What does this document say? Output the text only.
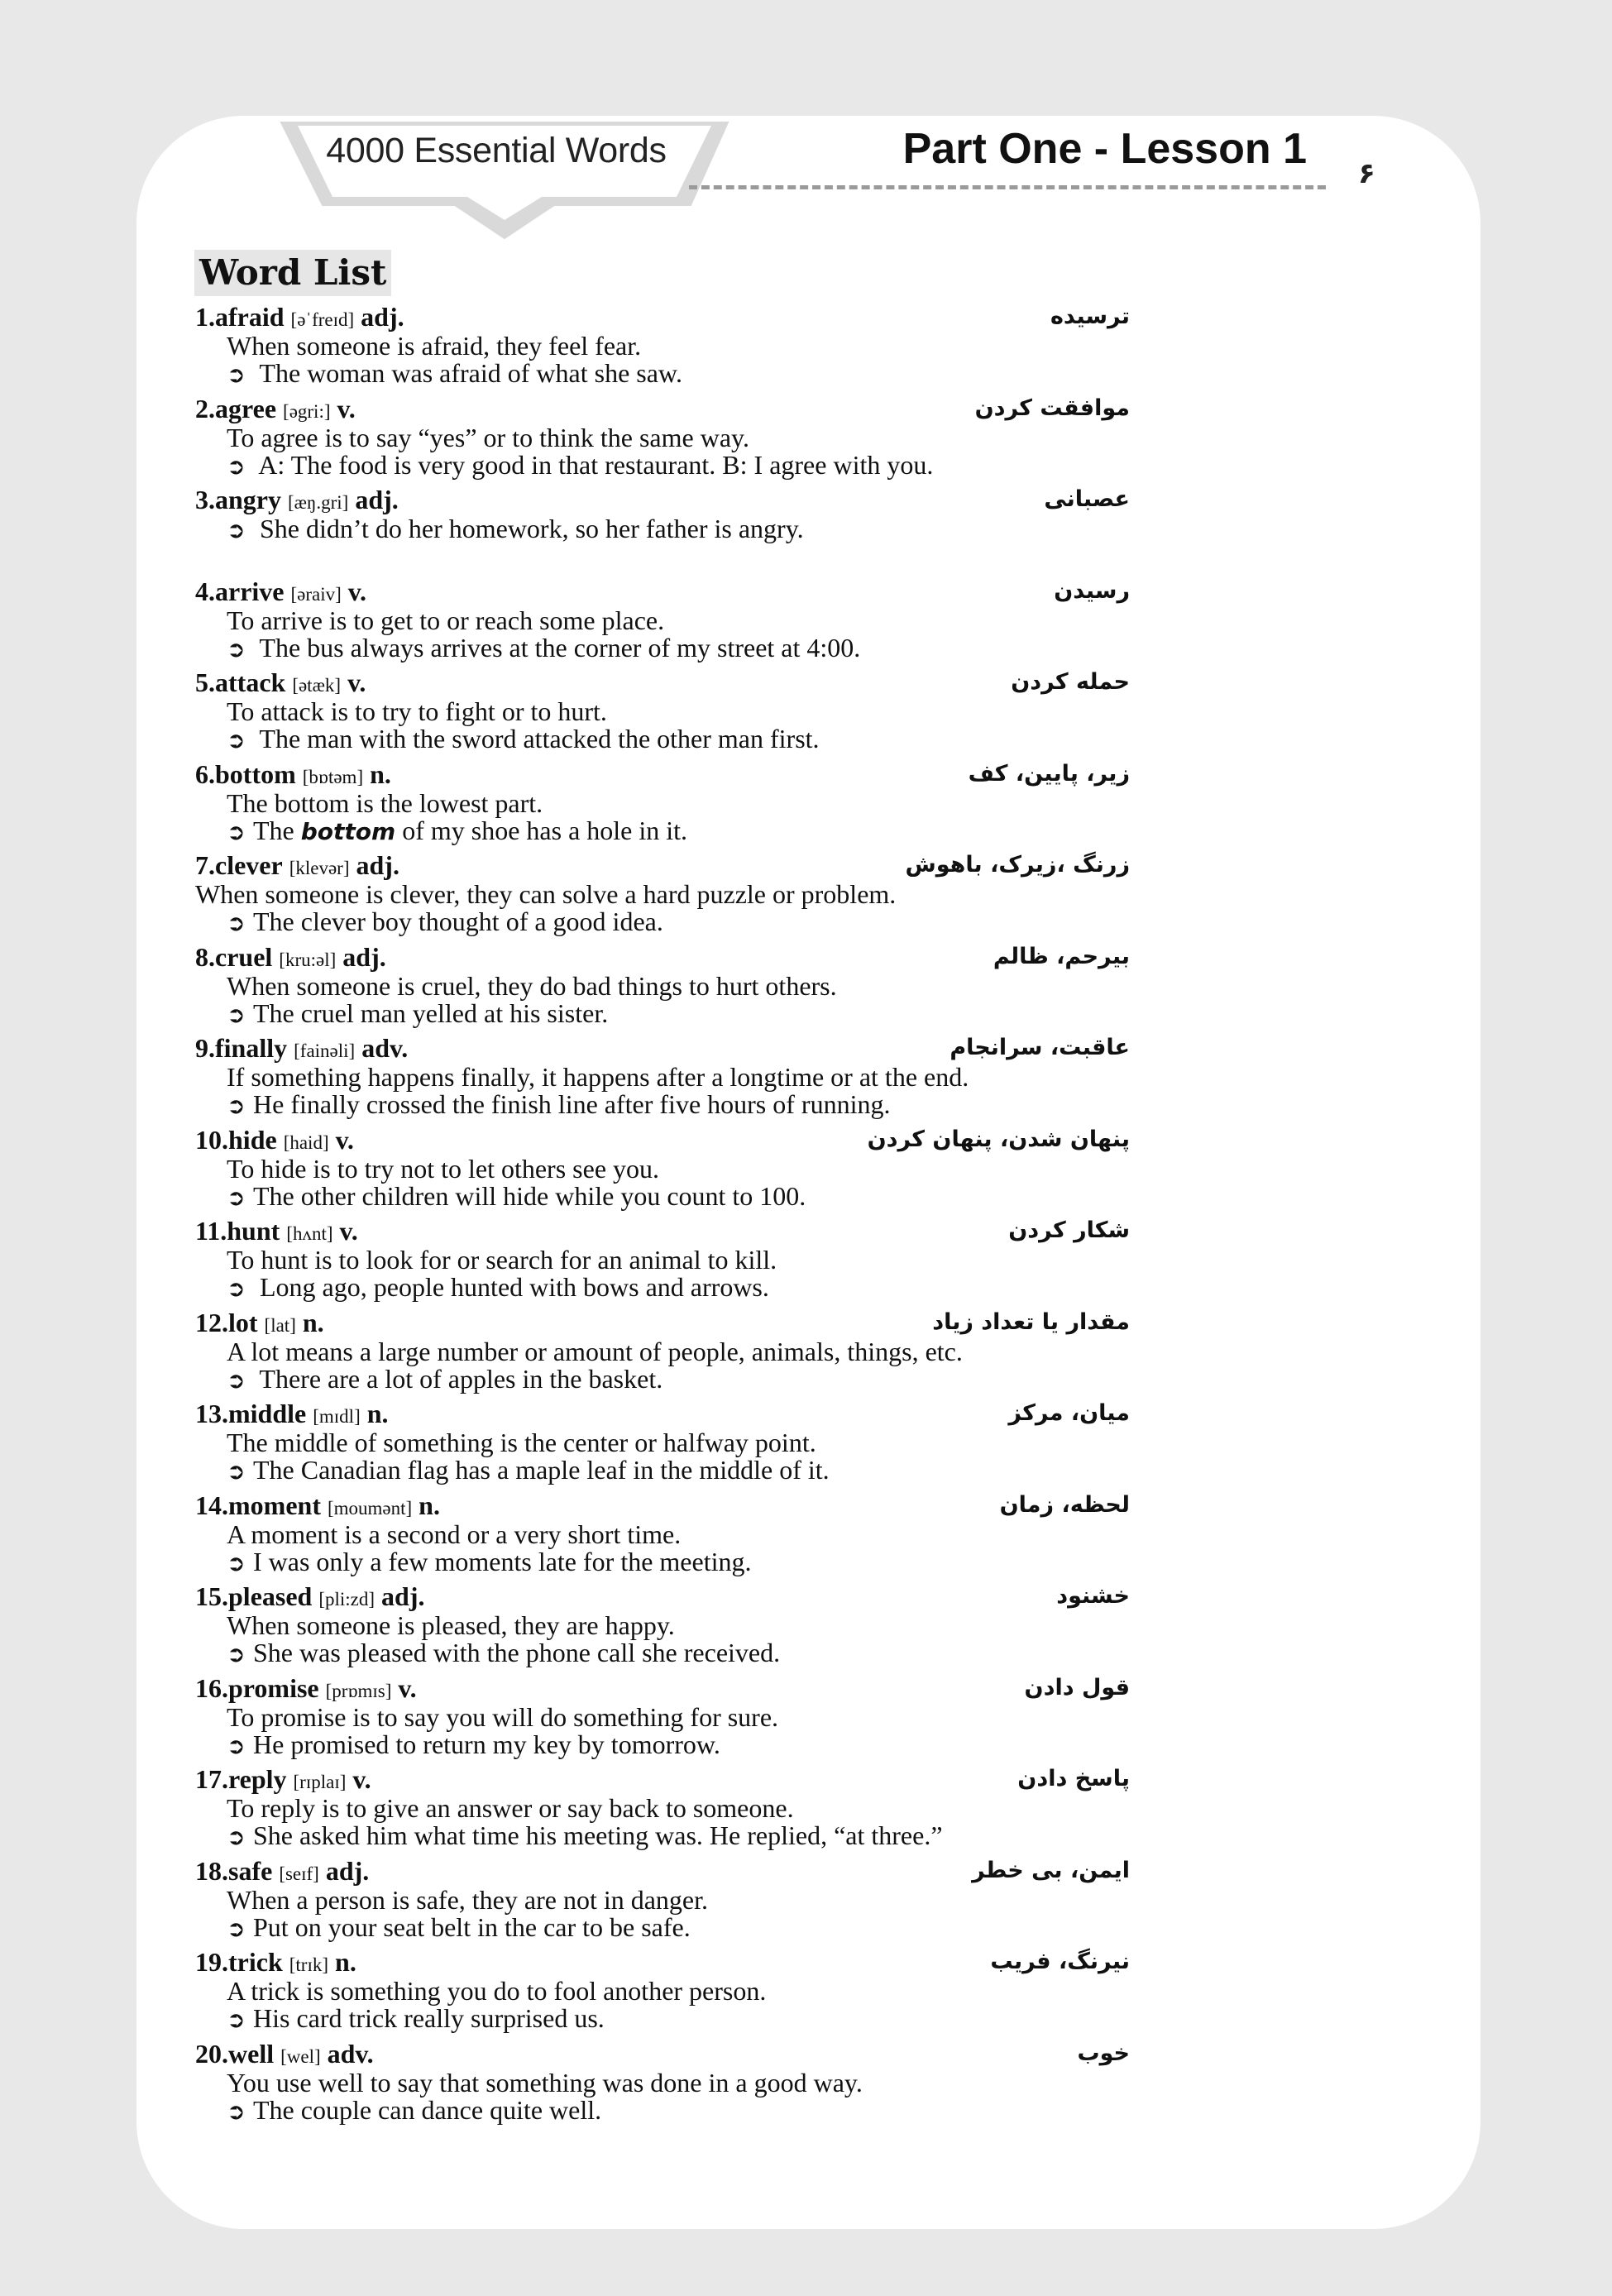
4000 Essential Words	Part One - Lesson 1
۶
Word List
1.afraid [əˈfreɪd] adj.	ترسیده
When someone is afraid, they feel fear.
➲ The woman was afraid of what she saw.
2.agree [əgri:] v.	موافقت کردن
To agree is to say “yes” or to think the same way.
➲ A: The food is very good in that restaurant. B: I agree with you.
3.angry [æŋ.gri] adj.	عصبانی
➲ She didn’t do her homework, so her father is angry.
4.arrive [əraiv] v.	رسیدن
To arrive is to get to or reach some place.
➲ The bus always arrives at the corner of my street at 4:00.
5.attack [ətæk] v.	حمله کردن
To attack is to try to fight or to hurt.
➲ The man with the sword attacked the other man first.
6.bottom [bɒtəm] n.	زیر، پایین، کف
The bottom is the lowest part.
➲ The bottom of my shoe has a hole in it.
7.clever [klevər] adj.	زرنگ ،زیرک، باهوش
When someone is clever, they can solve a hard puzzle or problem.
➲ The clever boy thought of a good idea.
8.cruel [kru:əl] adj.	بیرحم، ظالم
When someone is cruel, they do bad things to hurt others.
➲ The cruel man yelled at his sister.
9.finally [fainəli] adv.	عاقبت، سرانجام
If something happens finally, it happens after a longtime or at the end.
➲ He finally crossed the finish line after five hours of running.
10.hide [haid] v.	پنهان شدن، پنهان کردن
To hide is to try not to let others see you.
➲ The other children will hide while you count to 100.
11.hunt [hʌnt] v.	شکار کردن
To hunt is to look for or search for an animal to kill.
➲ Long ago, people hunted with bows and arrows.
12.lot [lat] n.	مقدار یا تعداد زیاد
A lot means a large number or amount of people, animals, things, etc.
➲ There are a lot of apples in the basket.
13.middle [mɪdl] n.	میان، مرکز
The middle of something is the center or halfway point.
➲ The Canadian flag has a maple leaf in the middle of it.
14.moment [moumənt] n.	لحظه، زمان
A moment is a second or a very short time.
➲ I was only a few moments late for the meeting.
15.pleased [pli:zd] adj.	خشنود
When someone is pleased, they are happy.
➲ She was pleased with the phone call she received.
16.promise [prɒmɪs] v.	قول دادن
To promise is to say you will do something for sure.
➲ He promised to return my key by tomorrow.
17.reply [rɪplaɪ] v.	پاسخ دادن
To reply is to give an answer or say back to someone.
➲ She asked him what time his meeting was. He replied, “at three.”
18.safe [seɪf] adj.	ایمن، بی خطر
When a person is safe, they are not in danger.
➲ Put on your seat belt in the car to be safe.
19.trick [trɪk] n.	نیرنگ، فریب
A trick is something you do to fool another person.
➲ His card trick really surprised us.
20.well [wel] adv.	خوب
You use well to say that something was done in a good way.
➲ The couple can dance quite well.
